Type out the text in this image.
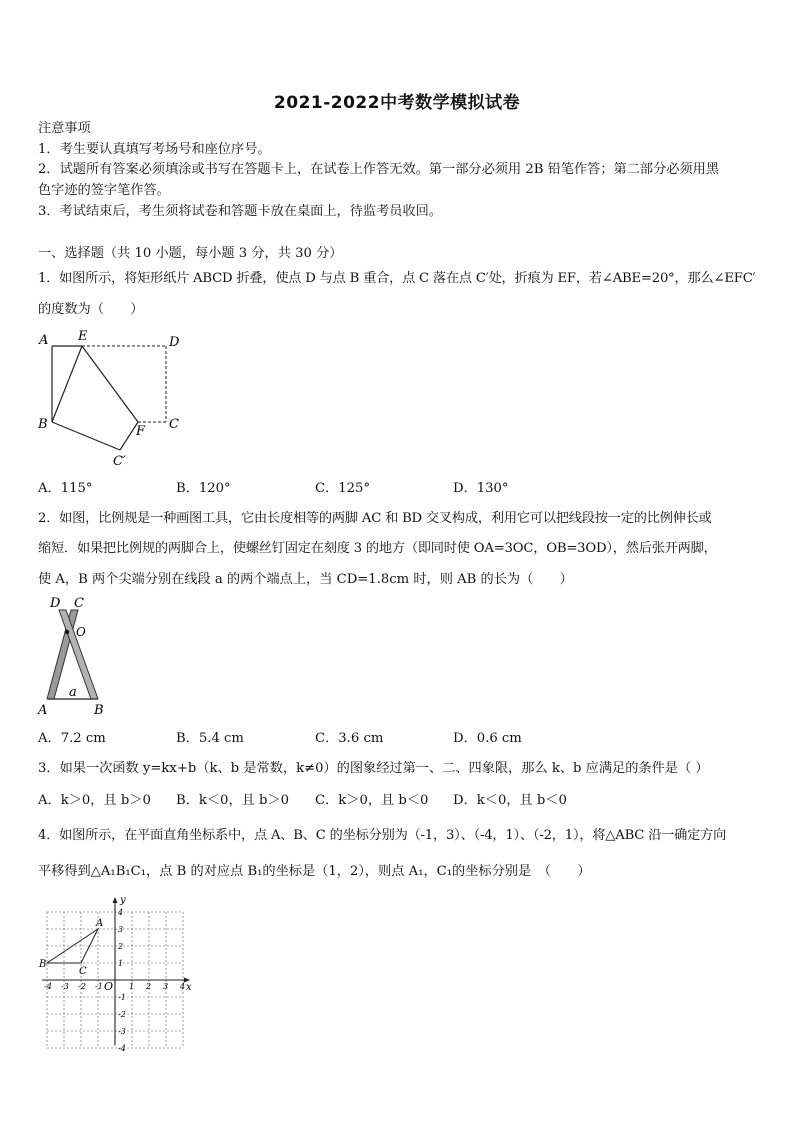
2021-2022中考数学模拟试卷
注意事项
1．考生要认真填写考场号和座位序号。
2．试题所有答案必须填涂或书写在答题卡上，在试卷上作答无效。第一部分必须用 2B 铅笔作答；第二部分必须用黑
色字迹的签字笔作答。
3．考试结束后，考生须将试卷和答题卡放在桌面上，待监考员收回。
一、选择题（共 10 小题，每小题 3 分，共 30 分）
1．如图所示，将矩形纸片 ABCD 折叠，使点 D 与点 B 重合，点 C 落在点 C′处，折痕为 EF，若∠ABE=20°，那么∠EFC′
的度数为（　　）
A E	D
B	F C
C′
A．115°	B．120°	C．125°	D．130°
2．如图，比例规是一种画图工具，它由长度相等的两脚 AC 和 BD 交叉构成，利用它可以把线段按一定的比例伸长或
缩短．如果把比例规的两脚合上，使螺丝钉固定在刻度 3 的地方（即同时使 OA=3OC，OB=3OD），然后张开两脚，
使 A，B 两个尖端分别在线段 a 的两个端点上，当 CD=1.8cm 时，则 AB 的长为（　　）
D C
O
a
A	B
A．7.2 cm	B．5.4 cm	C．3.6 cm	D．0.6 cm
3．如果一次函数 y=kx+b（k、b 是常数，k≠0）的图象经过第一、二、四象限，那么 k、b 应满足的条件是（ ）
A．k＞0，且 b＞0 B．k＜0，且 b＞0 C．k＞0，且 b＜0 D．k＜0，且 b＜0
4．如图所示，在平面直角坐标系中，点 A、B、C 的坐标分别为（-1，3）、（-4，1）、（-2，1），将△ABC 沿一确定方向
平移得到△A₁B₁C₁，点 B 的对应点 B₁的坐标是（1，2），则点 A₁，C₁的坐标分别是　（　　）
y
x
O
A
B
C
-4 -3 -2 -1	1 2 3 4
4
3
2
1
-1
-2
-3
-4
